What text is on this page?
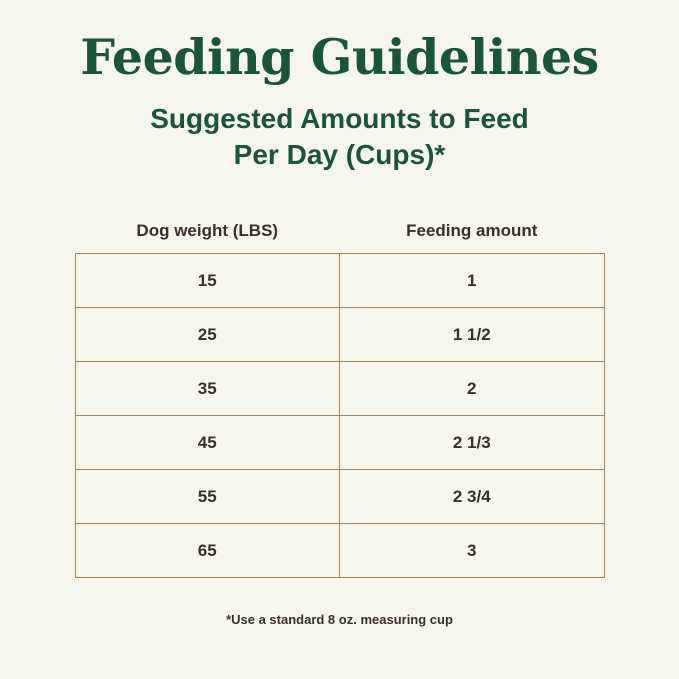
Feeding Guidelines
Suggested Amounts to Feed
Per Day (Cups)*
Dog weight (LBS)	Feeding amount
15	1
25	1 1/2
35	2
45	2 1/3
55	2 3/4
65	3
*Use a standard 8 oz. measuring cup
